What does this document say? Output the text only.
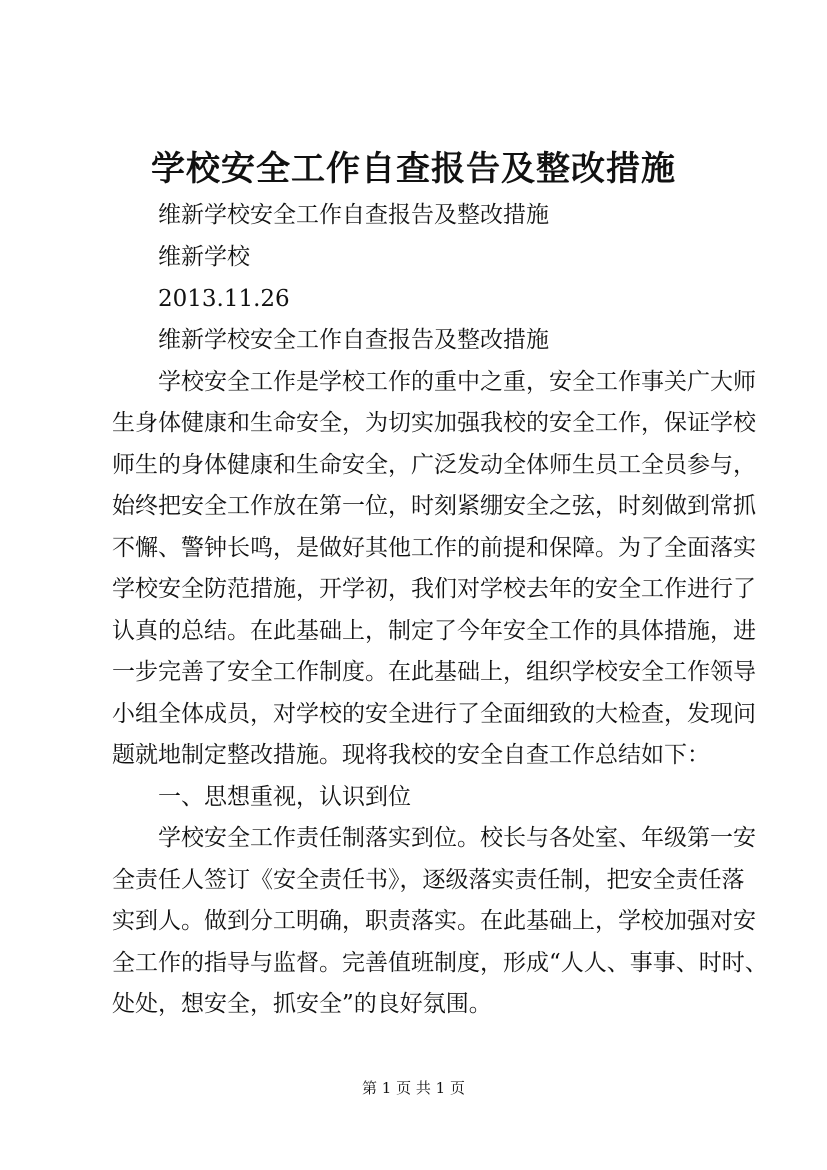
学校安全工作自查报告及整改措施
维新学校安全工作自查报告及整改措施
维新学校
2013.11.26
维新学校安全工作自查报告及整改措施
学校安全工作是学校工作的重中之重，安全工作事关广大师
生身体健康和生命安全，为切实加强我校的安全工作，保证学校
师生的身体健康和生命安全，广泛发动全体师生员工全员参与，
始终把安全工作放在第一位，时刻紧绷安全之弦，时刻做到常抓
不懈、警钟长鸣，是做好其他工作的前提和保障。为了全面落实
学校安全防范措施，开学初，我们对学校去年的安全工作进行了
认真的总结。在此基础上，制定了今年安全工作的具体措施，进
一步完善了安全工作制度。在此基础上，组织学校安全工作领导
小组全体成员，对学校的安全进行了全面细致的大检查，发现问
题就地制定整改措施。现将我校的安全自查工作总结如下：
一、思想重视，认识到位
学校安全工作责任制落实到位。校长与各处室、年级第一安
全责任人签订《安全责任书》，逐级落实责任制，把安全责任落
实到人。做到分工明确，职责落实。在此基础上，学校加强对安
全工作的指导与监督。完善值班制度，形成“人人、事事、时时、
处处，想安全，抓安全”的良好氛围。
第 1 页 共 1 页
